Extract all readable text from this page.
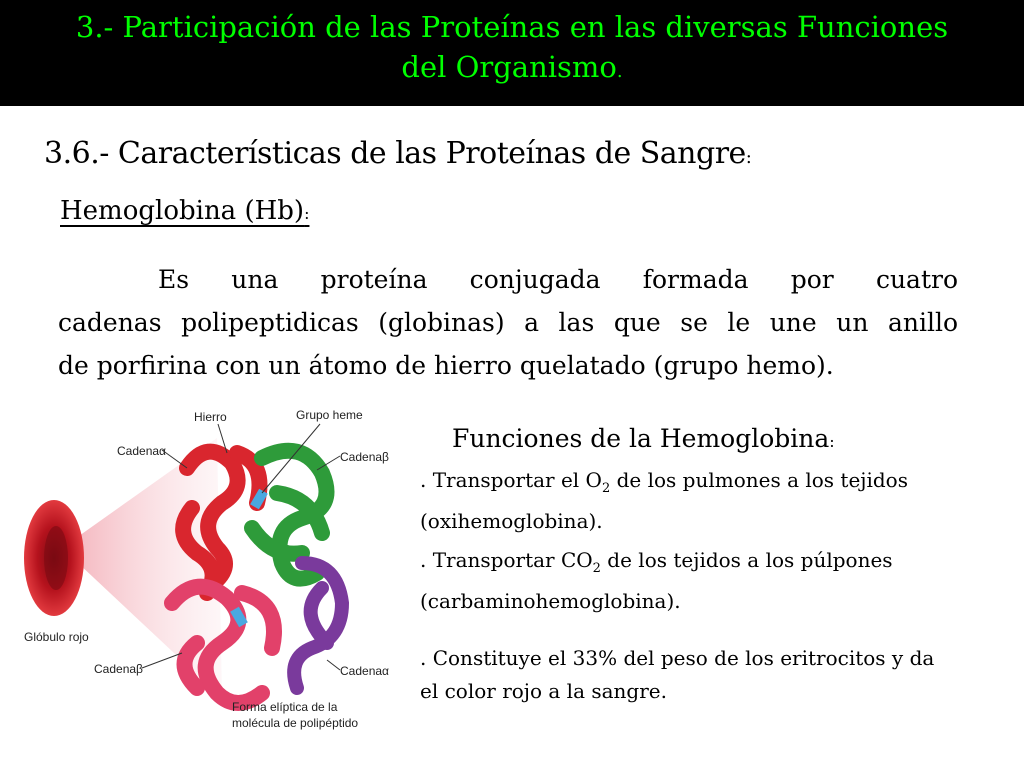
3.- Participación de las Proteínas en las diversas Funciones
del Organismo.
3.6.- Características de las Proteínas de Sangre:
Hemoglobina (Hb):
Es una proteína conjugada formada por cuatro
cadenas polipeptidicas (globinas) a las que se le une un anillo
de porfirina con un átomo de hierro quelatado (grupo hemo).
Hierro	Grupo heme
Cadenaα	Cadenaβ
Glóbulo rojo
Cadenaβ	Cadenaα
Forma elíptica de la
molécula de polipéptido
Funciones de la Hemoglobina:
. Transportar el $O_2$ de los pulmones a los tejidos
(oxihemoglobina).
. Transportar $CO_2$ de los tejidos a los púlpones
(carbaminohemoglobina).
. Constituye el 33% del peso de los eritrocitos y da
el color rojo a la sangre.
